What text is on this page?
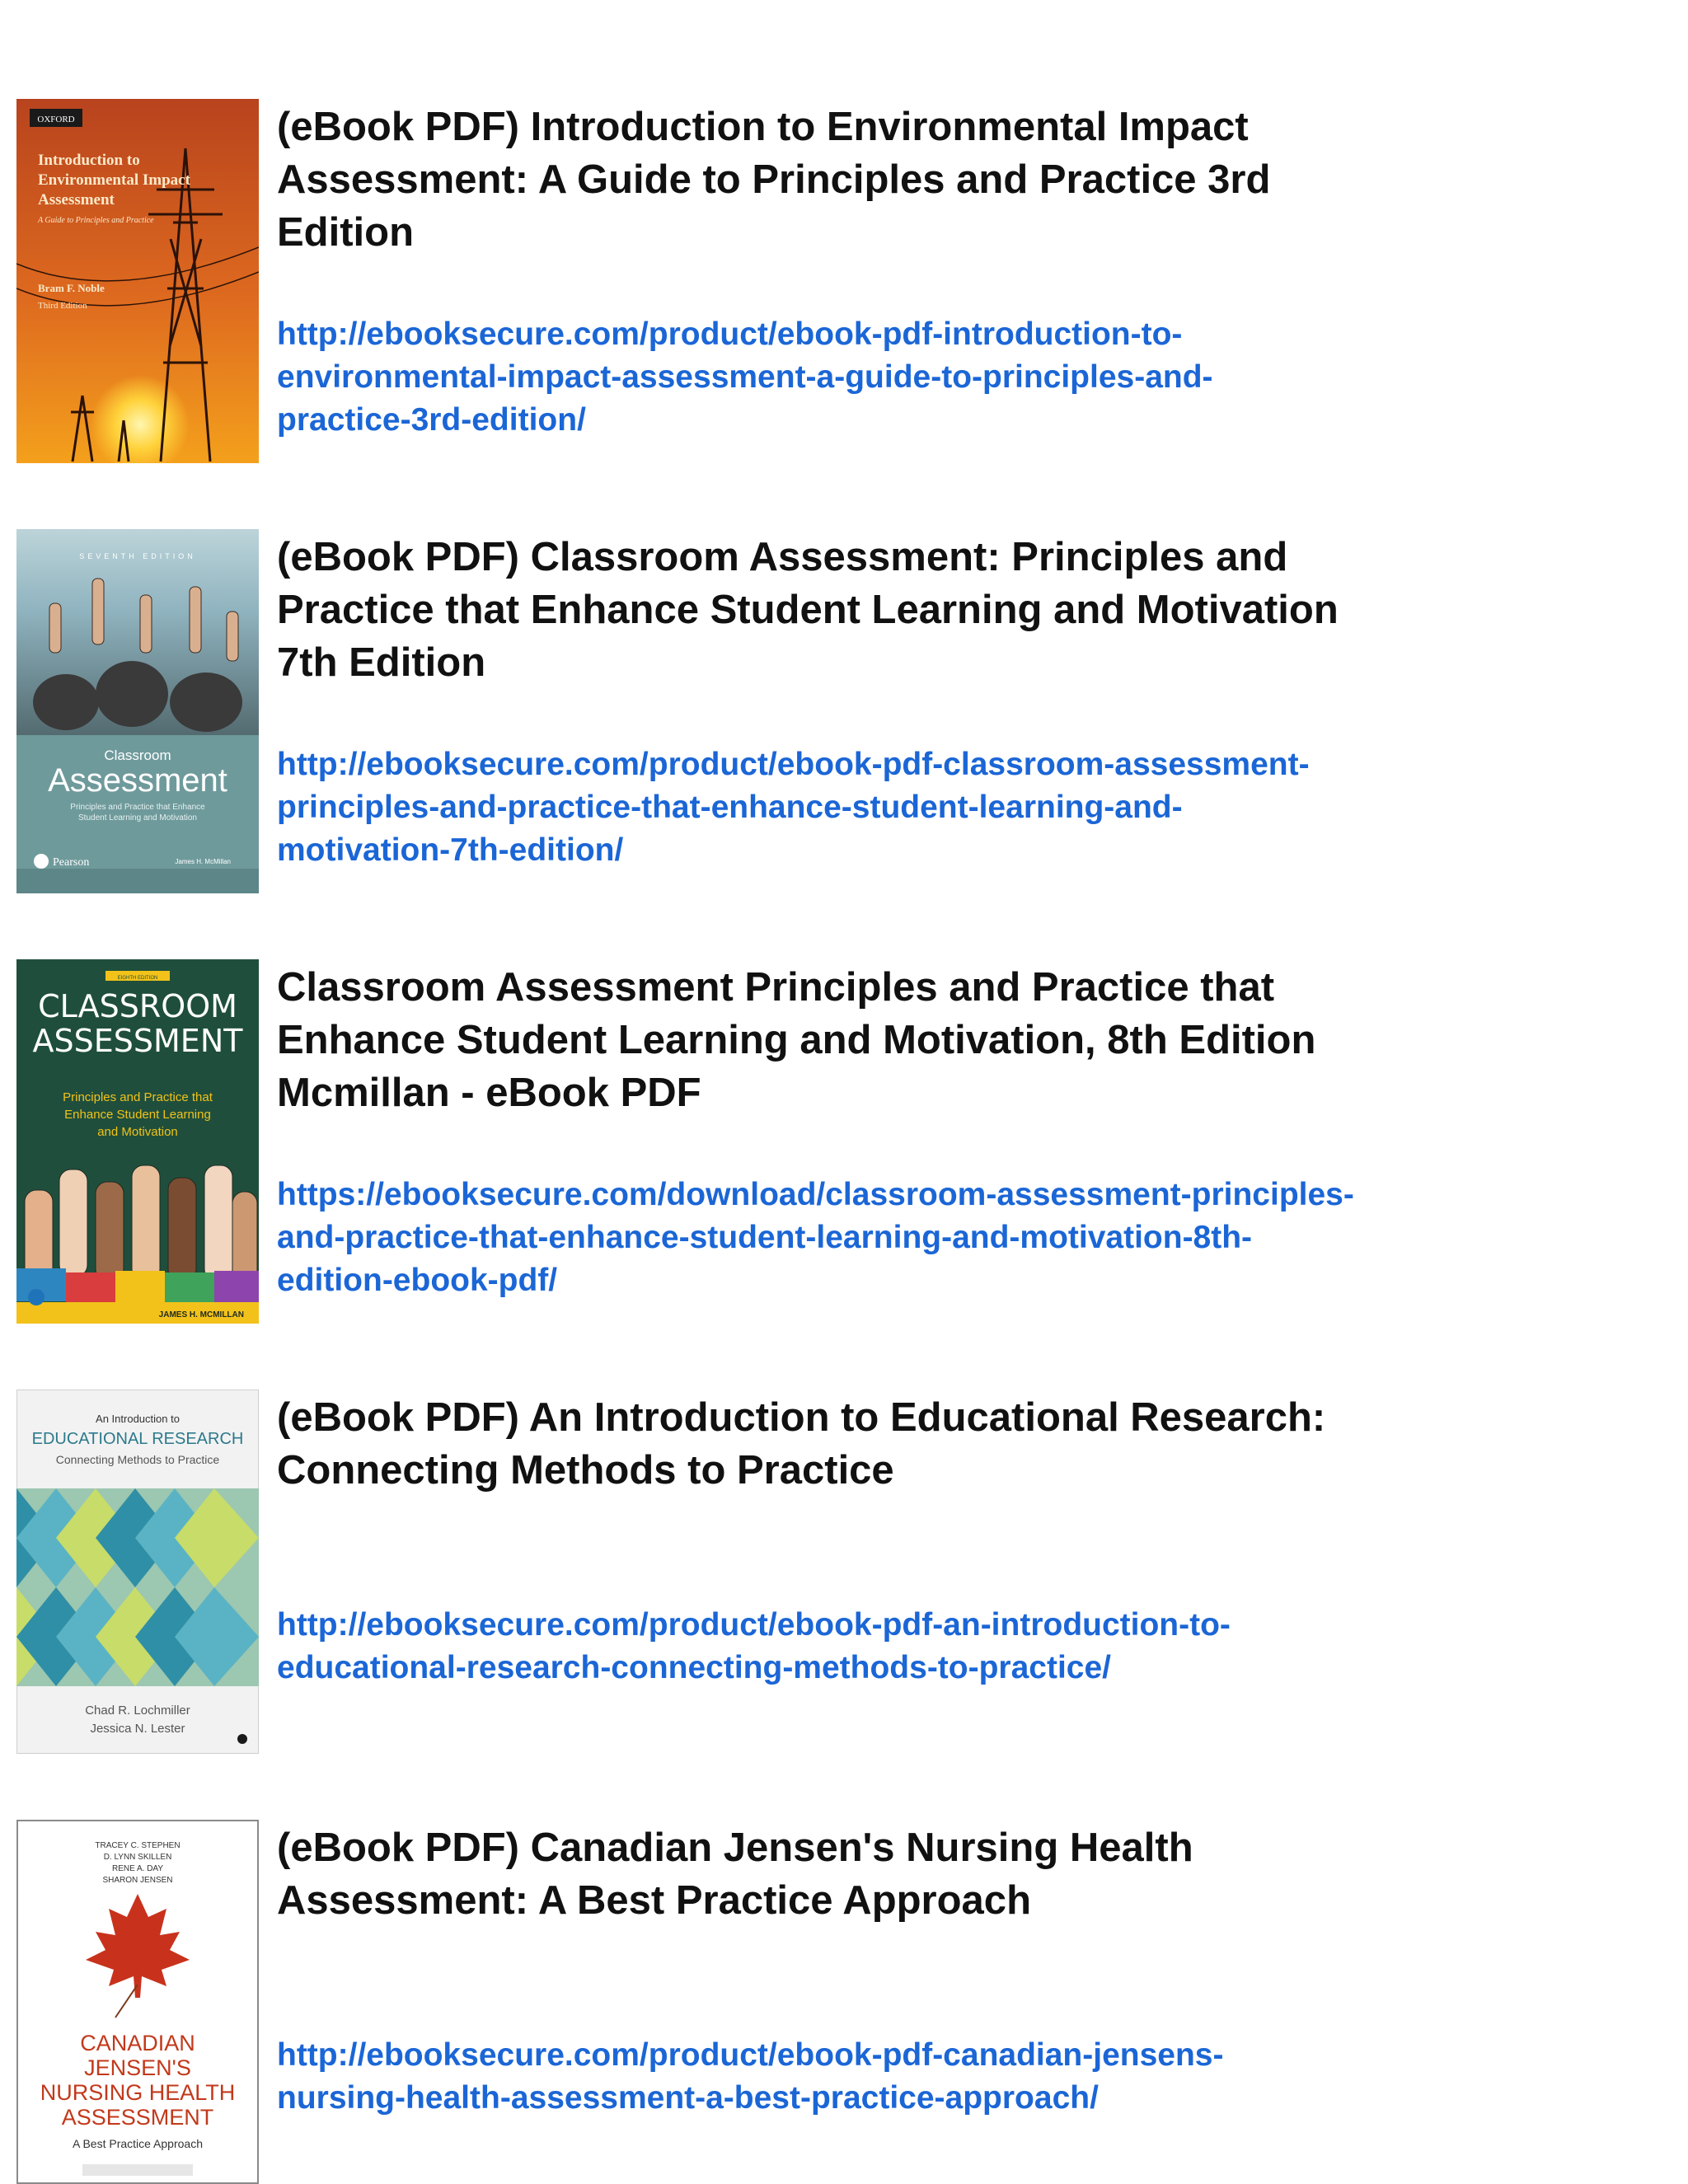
OXFORD
Introduction to
Environmental Impact
Assessment
A Guide to Principles and Practice
Bram F. Noble
Third Edition
(eBook PDF) Introduction to Environmental Impact
Assessment: A Guide to Principles and Practice 3rd
Edition
http://ebooksecure.com/product/ebook-pdf-introduction-to-
environmental-impact-assessment-a-guide-to-principles-and-
practice-3rd-edition/
SEVENTH EDITION
Classroom
Assessment
Principles and Practice that Enhance
Student Learning and Motivation
Pearson	James H. McMillan
(eBook PDF) Classroom Assessment: Principles and
Practice that Enhance Student Learning and Motivation
7th Edition
http://ebooksecure.com/product/ebook-pdf-classroom-assessment-
principles-and-practice-that-enhance-student-learning-and-
motivation-7th-edition/
EIGHTH EDITION
CLASSROOM
ASSESSMENT
Principles and Practice that
Enhance Student Learning
and Motivation
JAMES H. MCMILLAN
Classroom Assessment Principles and Practice that
Enhance Student Learning and Motivation, 8th Edition
Mcmillan - eBook PDF
https://ebooksecure.com/download/classroom-assessment-principles-
and-practice-that-enhance-student-learning-and-motivation-8th-
edition-ebook-pdf/
An Introduction to
EDUCATIONAL RESEARCH
Connecting Methods to Practice
Chad R. Lochmiller
Jessica N. Lester
(eBook PDF) An Introduction to Educational Research:
Connecting Methods to Practice
http://ebooksecure.com/product/ebook-pdf-an-introduction-to-
educational-research-connecting-methods-to-practice/
TRACEY C. STEPHEN
D. LYNN SKILLEN
RENE A. DAY
SHARON JENSEN
CANADIAN
JENSEN'S
NURSING HEALTH
ASSESSMENT
A Best Practice Approach
(eBook PDF) Canadian Jensen's Nursing Health
Assessment: A Best Practice Approach
http://ebooksecure.com/product/ebook-pdf-canadian-jensens-
nursing-health-assessment-a-best-practice-approach/
